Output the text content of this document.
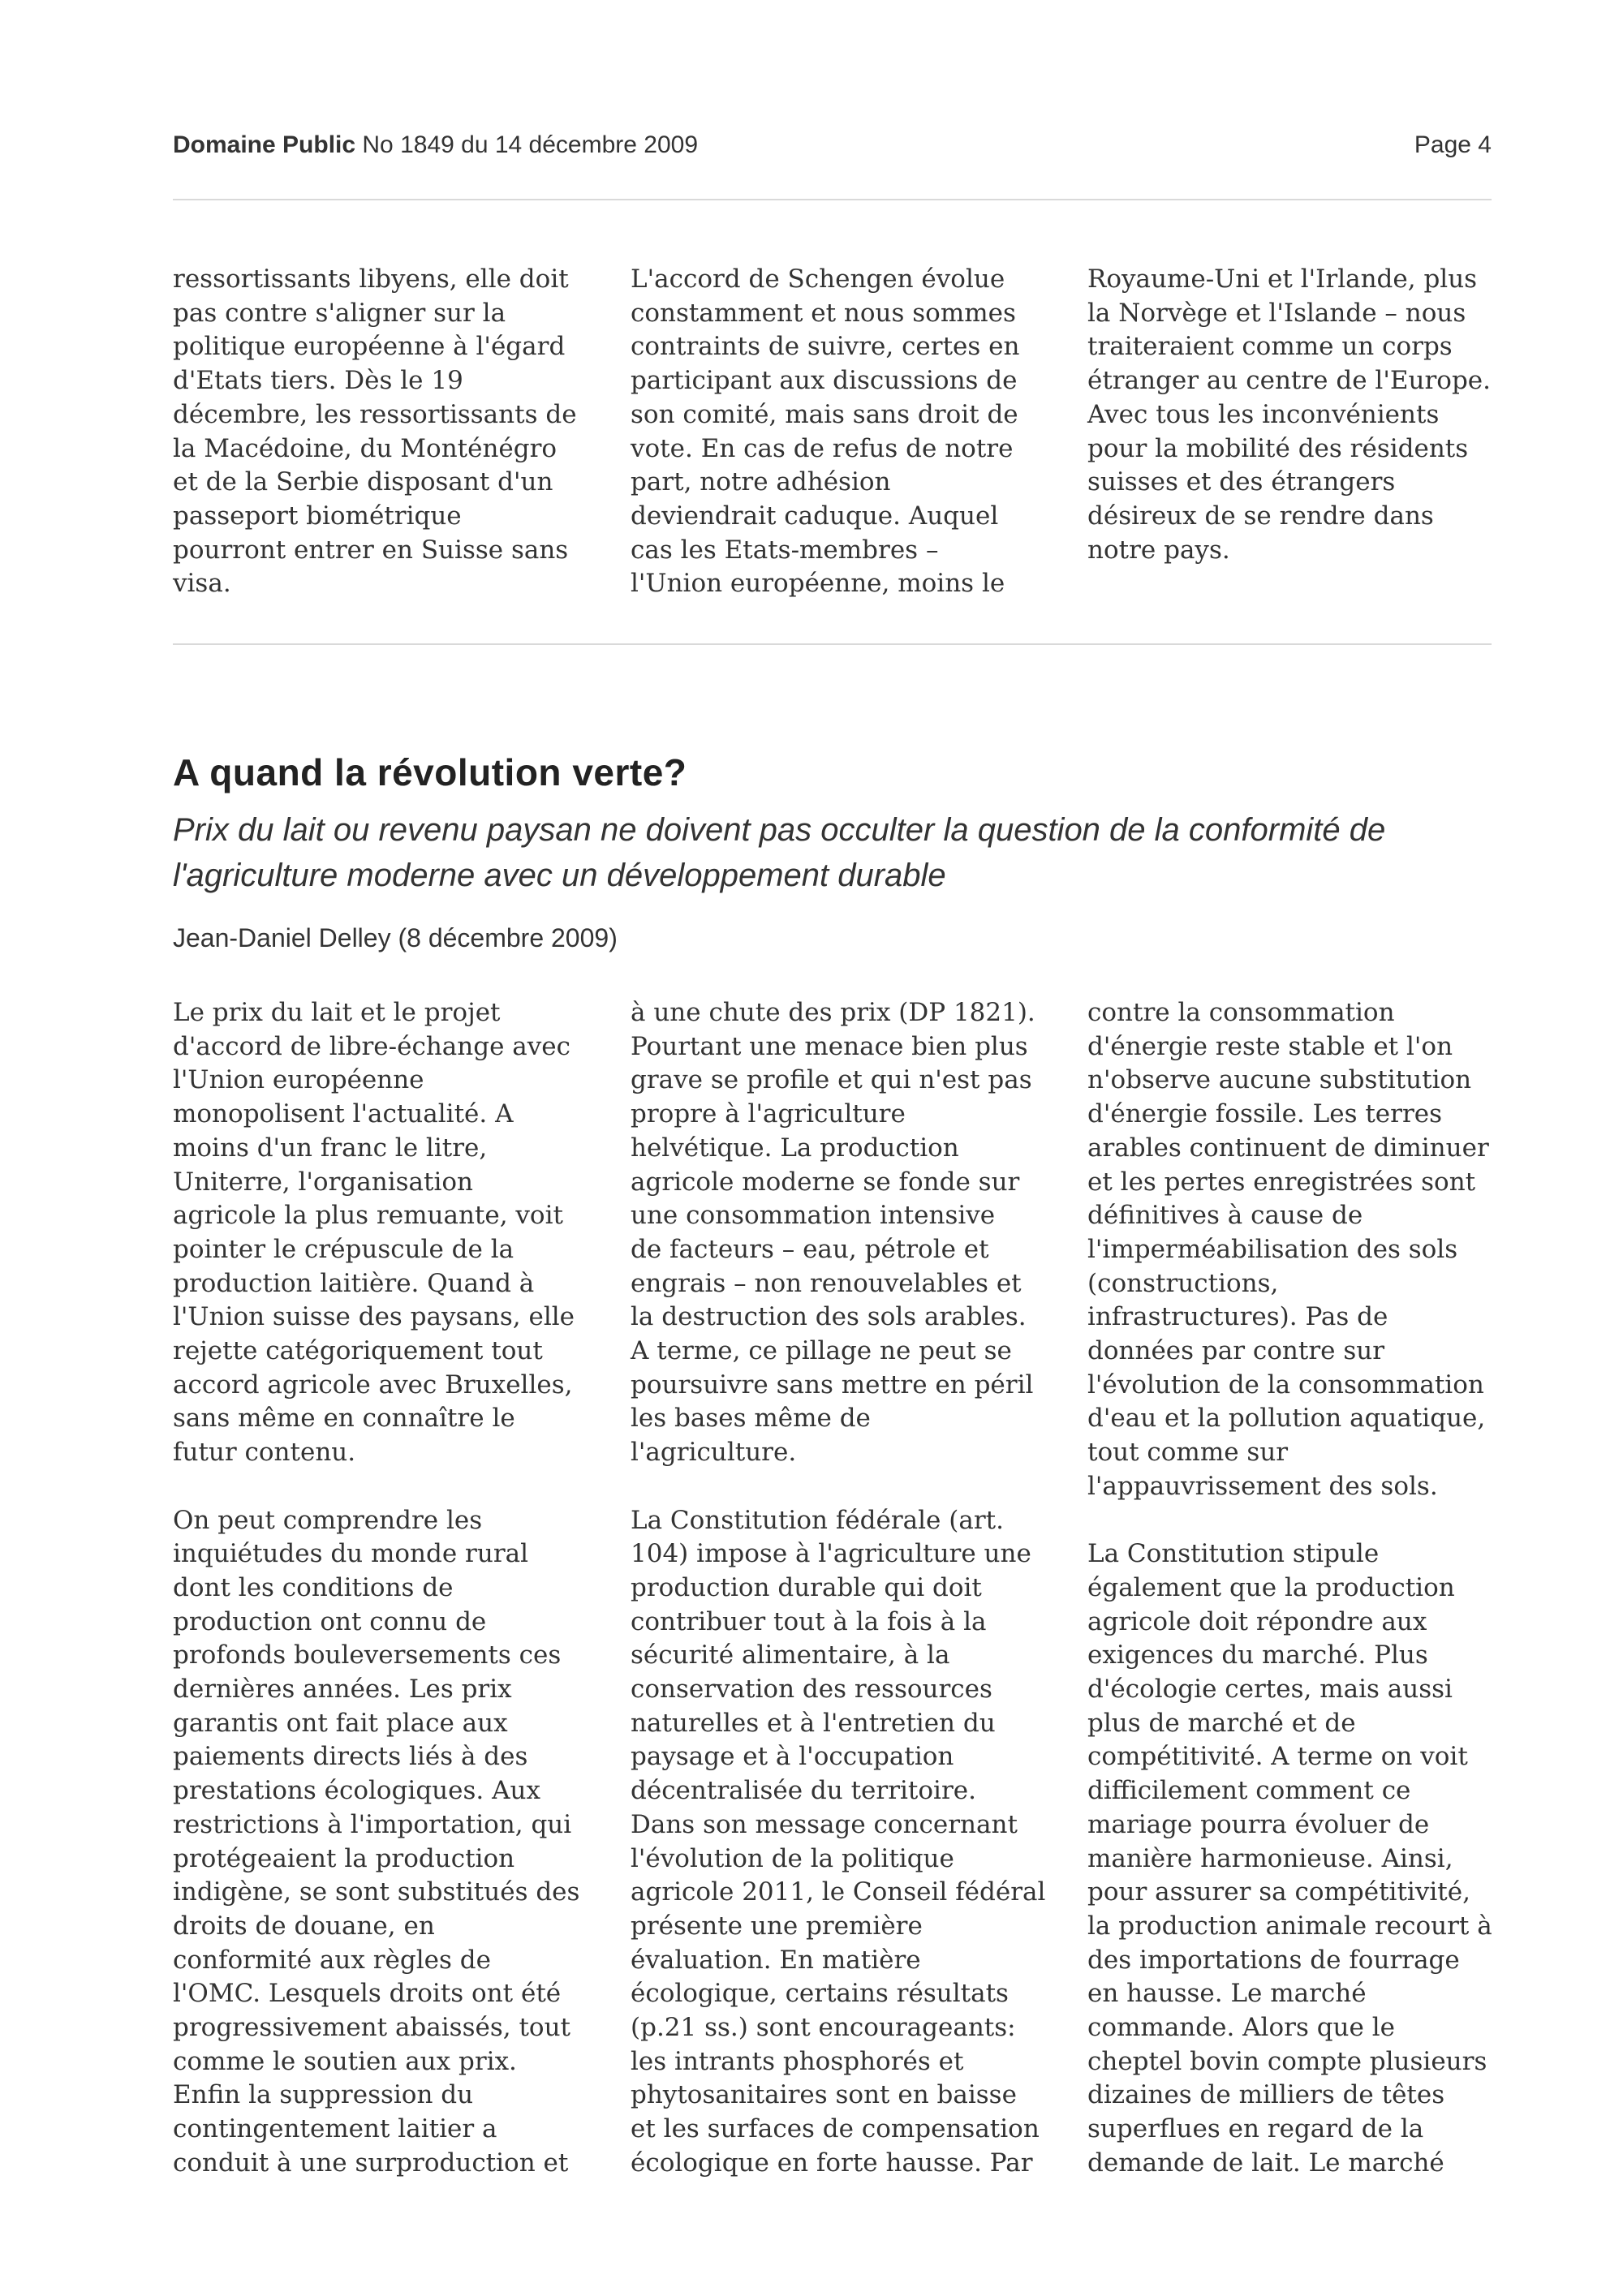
Domaine Public No 1849 du 14 décembre 2009	Page 4
ressortissants libyens, elle doit
pas contre s'aligner sur la
politique européenne à l'égard
d'Etats tiers. Dès le 19
décembre, les ressortissants de
la Macédoine, du Monténégro
et de la Serbie disposant d'un
passeport biométrique
pourront entrer en Suisse sans
visa.
L'accord de Schengen évolue
constamment et nous sommes
contraints de suivre, certes en
participant aux discussions de
son comité, mais sans droit de
vote. En cas de refus de notre
part, notre adhésion
deviendrait caduque. Auquel
cas les Etats-membres –
l'Union européenne, moins le
Royaume-Uni et l'Irlande, plus
la Norvège et l'Islande – nous
traiteraient comme un corps
étranger au centre de l'Europe.
Avec tous les inconvénients
pour la mobilité des résidents
suisses et des étrangers
désireux de se rendre dans
notre pays.
A quand la révolution verte?
Prix du lait ou revenu paysan ne doivent pas occulter la question de la conformité de l'agriculture moderne avec un développement durable
Jean-Daniel Delley (8 décembre 2009)
Le prix du lait et le projet
d'accord de libre-échange avec
l'Union européenne
monopolisent l'actualité. A
moins d'un franc le litre,
Uniterre, l'organisation
agricole la plus remuante, voit
pointer le crépuscule de la
production laitière. Quand à
l'Union suisse des paysans, elle
rejette catégoriquement tout
accord agricole avec Bruxelles,
sans même en connaître le
futur contenu.
On peut comprendre les
inquiétudes du monde rural
dont les conditions de
production ont connu de
profonds bouleversements ces
dernières années. Les prix
garantis ont fait place aux
paiements directs liés à des
prestations écologiques. Aux
restrictions à l'importation, qui
protégeaient la production
indigène, se sont substitués des
droits de douane, en
conformité aux règles de
l'OMC. Lesquels droits ont été
progressivement abaissés, tout
comme le soutien aux prix.
Enfin la suppression du
contingentement laitier a
conduit à une surproduction et
à une chute des prix (DP 1821).
Pourtant une menace bien plus
grave se profile et qui n'est pas
propre à l'agriculture
helvétique. La production
agricole moderne se fonde sur
une consommation intensive
de facteurs – eau, pétrole et
engrais – non renouvelables et
la destruction des sols arables.
A terme, ce pillage ne peut se
poursuivre sans mettre en péril
les bases même de
l'agriculture.
La Constitution fédérale (art.
104) impose à l'agriculture une
production durable qui doit
contribuer tout à la fois à la
sécurité alimentaire, à la
conservation des ressources
naturelles et à l'entretien du
paysage et à l'occupation
décentralisée du territoire.
Dans son message concernant
l'évolution de la politique
agricole 2011, le Conseil fédéral
présente une première
évaluation. En matière
écologique, certains résultats
(p.21 ss.) sont encourageants:
les intrants phosphorés et
phytosanitaires sont en baisse
et les surfaces de compensation
écologique en forte hausse. Par
contre la consommation
d'énergie reste stable et l'on
n'observe aucune substitution
d'énergie fossile. Les terres
arables continuent de diminuer
et les pertes enregistrées sont
définitives à cause de
l'imperméabilisation des sols
(constructions,
infrastructures). Pas de
données par contre sur
l'évolution de la consommation
d'eau et la pollution aquatique,
tout comme sur
l'appauvrissement des sols.
La Constitution stipule
également que la production
agricole doit répondre aux
exigences du marché. Plus
d'écologie certes, mais aussi
plus de marché et de
compétitivité. A terme on voit
difficilement comment ce
mariage pourra évoluer de
manière harmonieuse. Ainsi,
pour assurer sa compétitivité,
la production animale recourt à
des importations de fourrage
en hausse. Le marché
commande. Alors que le
cheptel bovin compte plusieurs
dizaines de milliers de têtes
superflues en regard de la
demande de lait. Le marché
